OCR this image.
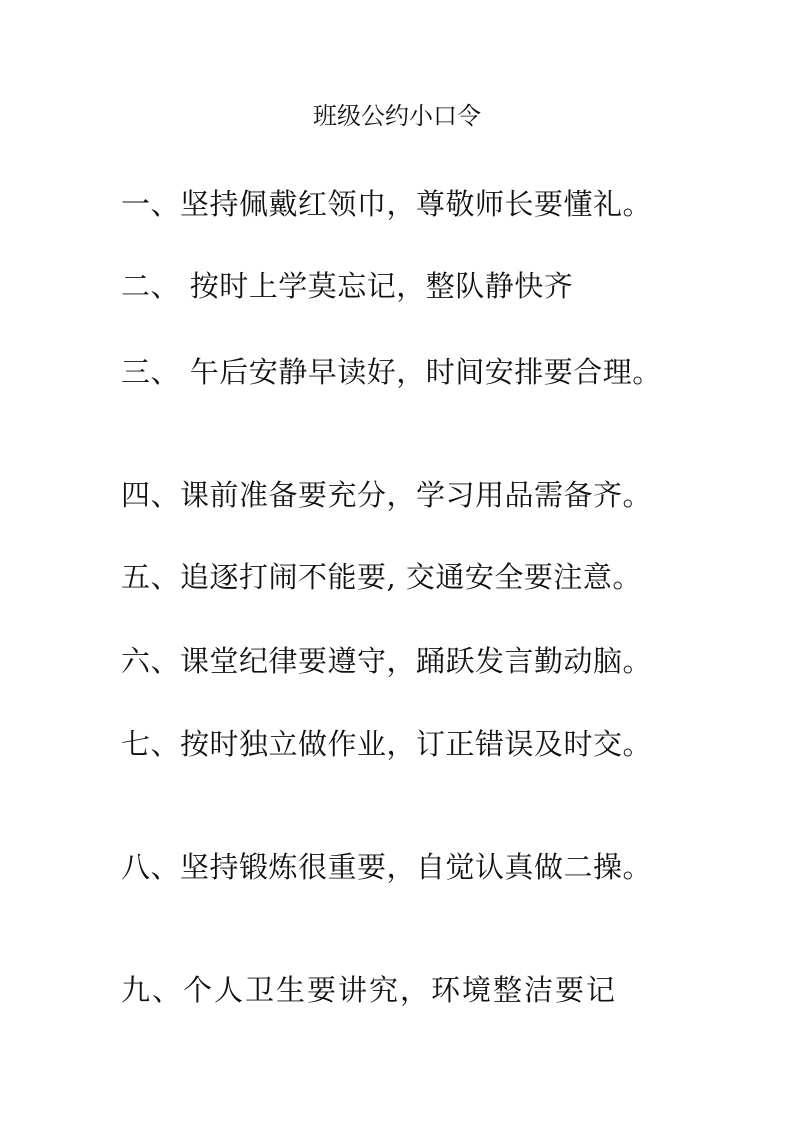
班级公约小口令
一、坚持佩戴红领巾，尊敬师长要懂礼。
二、 按时上学莫忘记，整队静快齐
三、 午后安静早读好，时间安排要合理。
四、课前准备要充分，学习用品需备齐。
五、追逐打闹不能要, 交通安全要注意。
六、课堂纪律要遵守，踊跃发言勤动脑。
七、按时独立做作业，订正错误及时交。
八、坚持锻炼很重要，自觉认真做二操。
九、个人卫生要讲究，环境整洁要记
